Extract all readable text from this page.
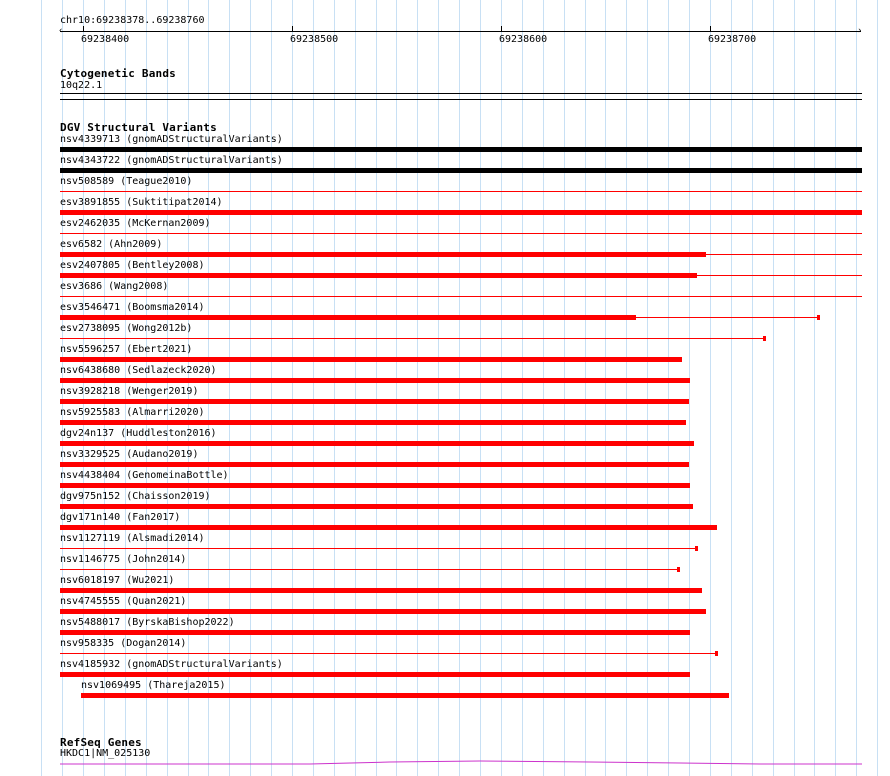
chr10:69238378..69238760
‹	›
69238400	69238500	69238600	69238700
Cytogenetic Bands
10q22.1
DGV Structural Variants
nsv4339713 (gnomADStructuralVariants)
nsv4343722 (gnomADStructuralVariants)
nsv508589 (Teague2010)
esv3891855 (Suktitipat2014)
esv2462035 (McKernan2009)
esv6582 (Ahn2009)
esv2407805 (Bentley2008)
esv3686 (Wang2008)
esv3546471 (Boomsma2014)
esv2738095 (Wong2012b)
nsv5596257 (Ebert2021)
nsv6438680 (Sedlazeck2020)
nsv3928218 (Wenger2019)
nsv5925583 (Almarri2020)
dgv24n137 (Huddleston2016)
nsv3329525 (Audano2019)
nsv4438404 (GenomeinaBottle)
dgv975n152 (Chaisson2019)
dgv171n140 (Fan2017)
nsv1127119 (Alsmadi2014)
nsv1146775 (John2014)
nsv6018197 (Wu2021)
nsv4745555 (Quan2021)
nsv5488017 (ByrskaBishop2022)
nsv958335 (Dogan2014)
nsv4185932 (gnomADStructuralVariants)
nsv1069495 (Thareja2015)
RefSeq Genes
HKDC1|NM_025130
